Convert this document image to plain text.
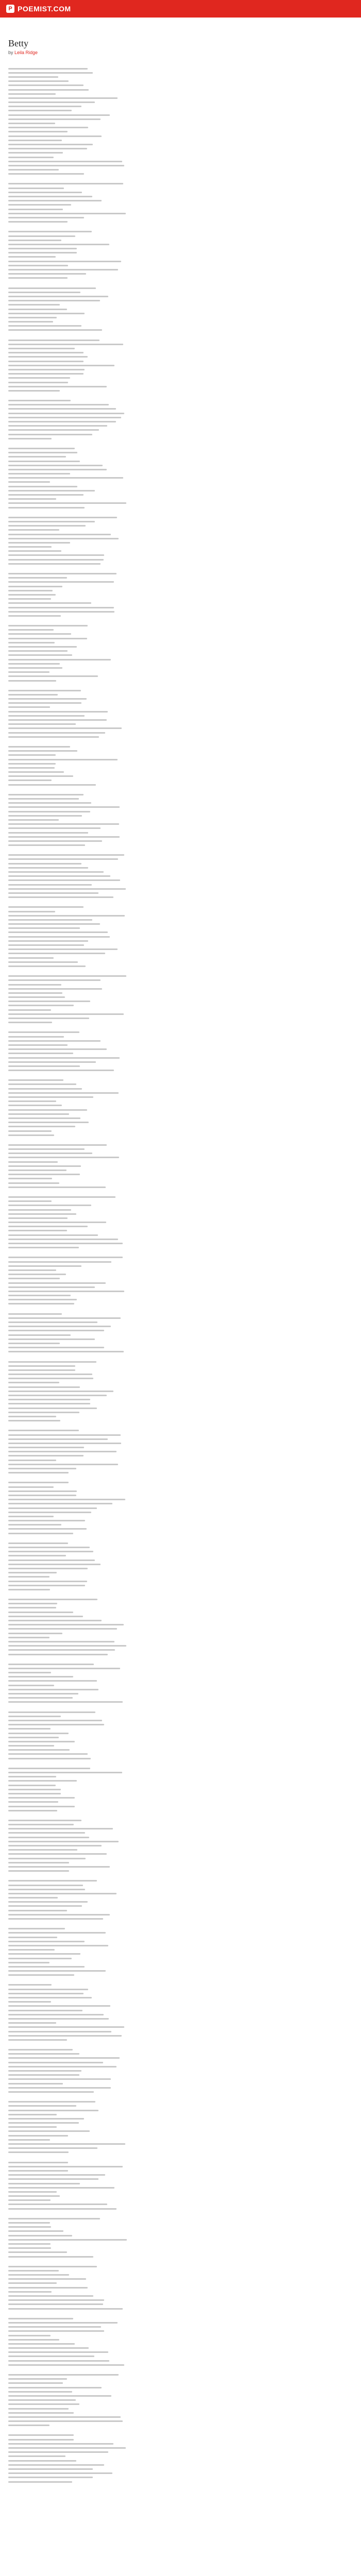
P POEMIST.COM
Betty

by Leila Ridge
